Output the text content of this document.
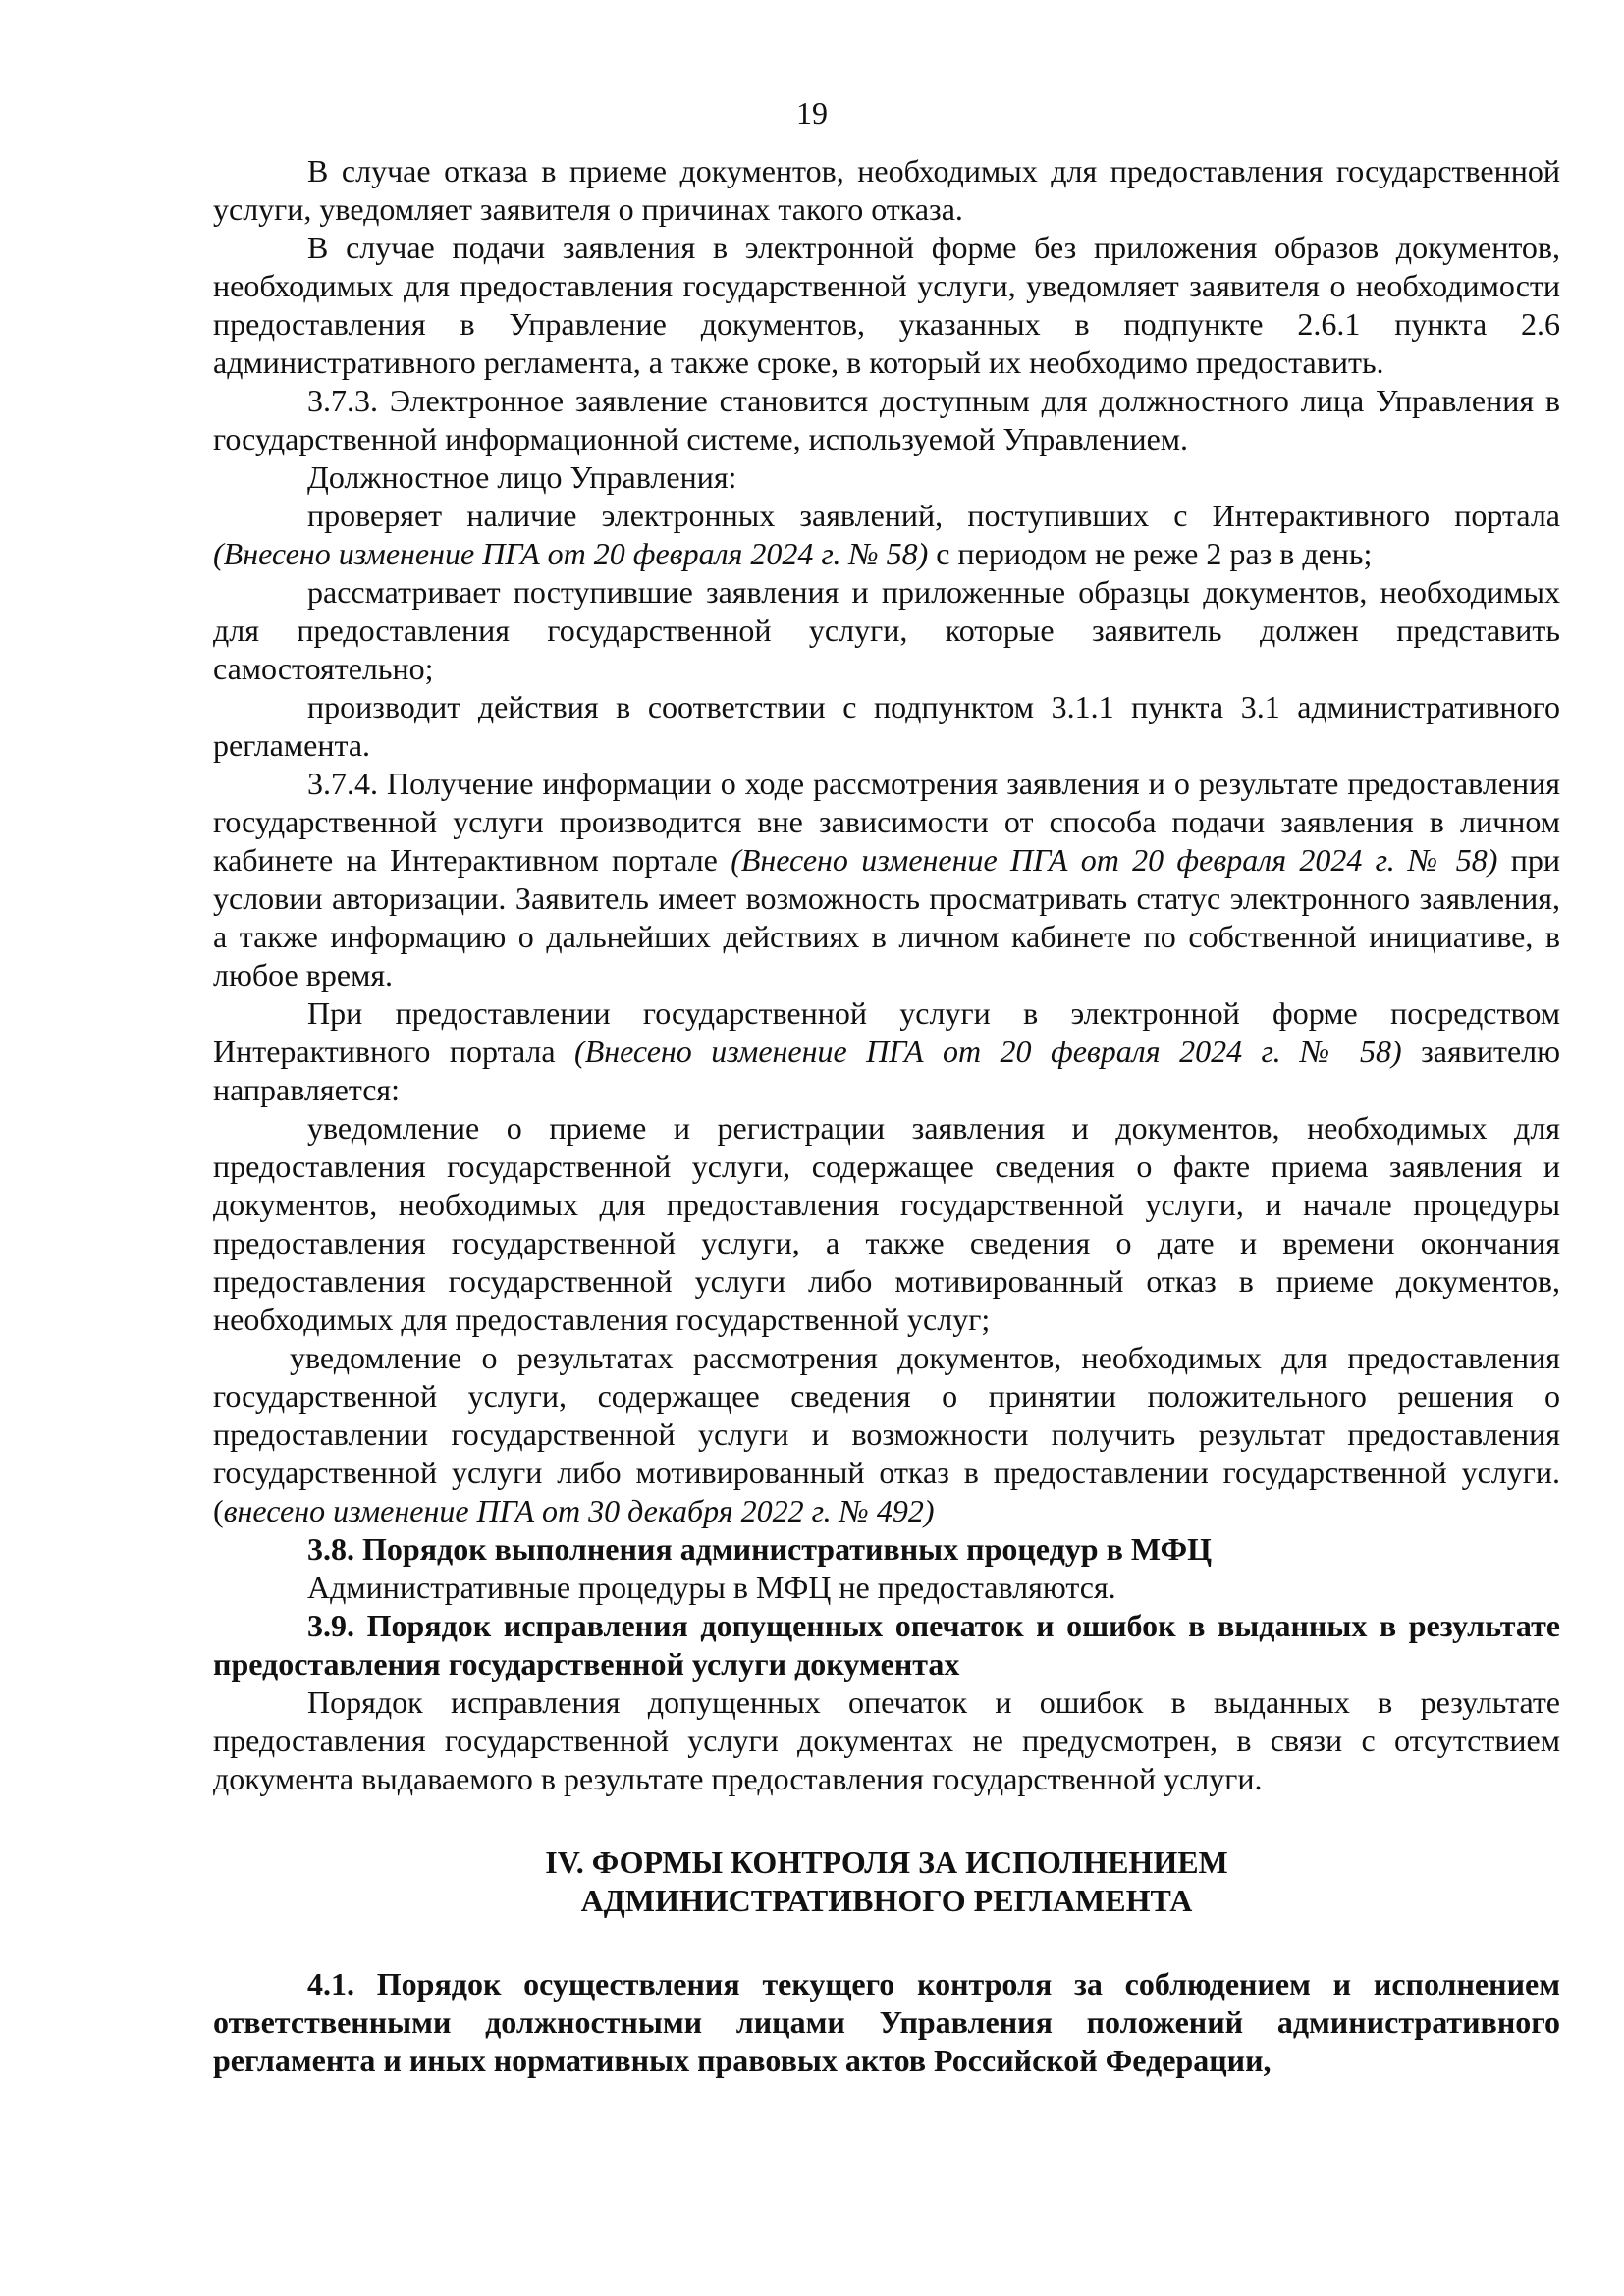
19

В случае отказа в приеме документов, необходимых для предоставления государственной услуги, уведомляет заявителя о причинах такого отказа.

В случае подачи заявления в электронной форме без приложения образов документов, необходимых для предоставления государственной услуги, уведомляет заявителя о необходимости предоставления в Управление документов, указанных в подпункте 2.6.1 пункта 2.6 административного регламента, а также сроке, в который их необходимо предоставить.

3.7.3. Электронное заявление становится доступным для должностного лица Управления в государственной информационной системе, используемой Управлением.

Должностное лицо Управления:

проверяет наличие электронных заявлений, поступивших с Интерактивного портала (Внесено изменение ПГА от 20 февраля 2024 г. № 58) с периодом не реже 2 раз в день;

рассматривает поступившие заявления и приложенные образцы документов, необходимых для предоставления государственной услуги, которые заявитель должен представить самостоятельно;

производит действия в соответствии с подпунктом 3.1.1 пункта 3.1 административного регламента.

3.7.4. Получение информации о ходе рассмотрения заявления и о результате предоставления государственной услуги производится вне зависимости от способа подачи заявления в личном кабинете на Интерактивном портале (Внесено изменение ПГА от 20 февраля 2024 г. № 58) при условии авторизации. Заявитель имеет возможность просматривать статус электронного заявления, а также информацию о дальнейших действиях в личном кабинете по собственной инициативе, в любое время.

При предоставлении государственной услуги в электронной форме посредством Интерактивного портала (Внесено изменение ПГА от 20 февраля 2024 г. № 58) заявителю направляется:

уведомление о приеме и регистрации заявления и документов, необходимых для предоставления государственной услуги, содержащее сведения о факте приема заявления и документов, необходимых для предоставления государственной услуги, и начале процедуры предоставления государственной услуги, а также сведения о дате и времени окончания предоставления государственной услуги либо мотивированный отказ в приеме документов, необходимых для предоставления государственной услуг;

уведомление о результатах рассмотрения документов, необходимых для предоставления государственной услуги, содержащее сведения о принятии положительного решения о предоставлении государственной услуги и возможности получить результат предоставления государственной услуги либо мотивированный отказ в предоставлении государственной услуги. (внесено изменение ПГА от 30 декабря 2022 г. № 492)

3.8. Порядок выполнения административных процедур в МФЦ

Административные процедуры в МФЦ не предоставляются.

3.9. Порядок исправления допущенных опечаток и ошибок в выданных в результате предоставления государственной услуги документах

Порядок исправления допущенных опечаток и ошибок в выданных в результате предоставления государственной услуги документах не предусмотрен, в связи с отсутствием документа выдаваемого в результате предоставления государственной услуги.

IV. ФОРМЫ КОНТРОЛЯ ЗА ИСПОЛНЕНИЕМ

АДМИНИСТРАТИВНОГО РЕГЛАМЕНТА

4.1. Порядок осуществления текущего контроля за соблюдением и исполнением ответственными должностными лицами Управления положений административного регламента и иных нормативных правовых актов Российской Федерации,
